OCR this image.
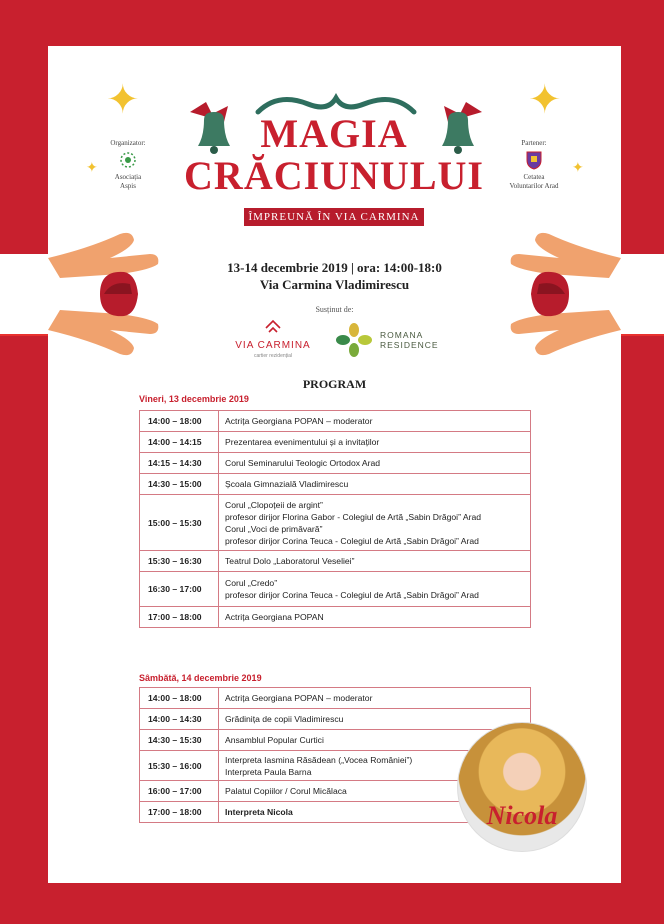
✦	✦
✦	✦
Organizator:
Asociația
Aspis
Partener:
Cetatea
Voluntarilor Arad
MAGIA
CRĂCIUNULUI
ÎMPREUNĂ ÎN VIA CARMINA
13-14 decembrie 2019 | ora: 14:00-18:0
Via Carmina Vladimirescu
Susținut de:
VIA CARMINA
cartier rezidențial
ROMANA
RESIDENCE
PROGRAM
Vineri, 13 decembrie 2019
14:00 – 18:00	Actrița Georgiana POPAN – moderator

14:00 – 14:15	Prezentarea evenimentului și a invitaților

14:15 – 14:30	Corul Seminarului Teologic Ortodox Arad

14:30 – 15:00	Școala Gimnazială Vladimirescu

15:00 – 15:30	Corul „Clopoțeii de argint”
profesor dirijor Florina Gabor - Colegiul de Artă „Sabin Drăgoi” Arad
Corul „Voci de primăvară”
profesor dirijor Corina Teuca - Colegiul de Artă „Sabin Drăgoi” Arad

15:30 – 16:30	Teatrul Dolo „Laboratorul Veseliei”

16:30 – 17:00	Corul „Credo”
profesor dirijor Corina Teuca - Colegiul de Artă „Sabin Drăgoi” Arad

17:00 – 18:00	Actrița Georgiana POPAN
Sâmbătă, 14 decembrie 2019
14:00 – 18:00	Actrița Georgiana POPAN – moderator

14:00 – 14:30	Grădinița de copii Vladimirescu

14:30 – 15:30	Ansamblul Popular Curtici

15:30 – 16:00	Interpreta Iasmina Răsădean („Vocea României”)
Interpreta Paula Barna

16:00 – 17:00	Palatul Copiilor / Corul Micălaca

17:00 – 18:00	Interpreta Nicola	Nicola
